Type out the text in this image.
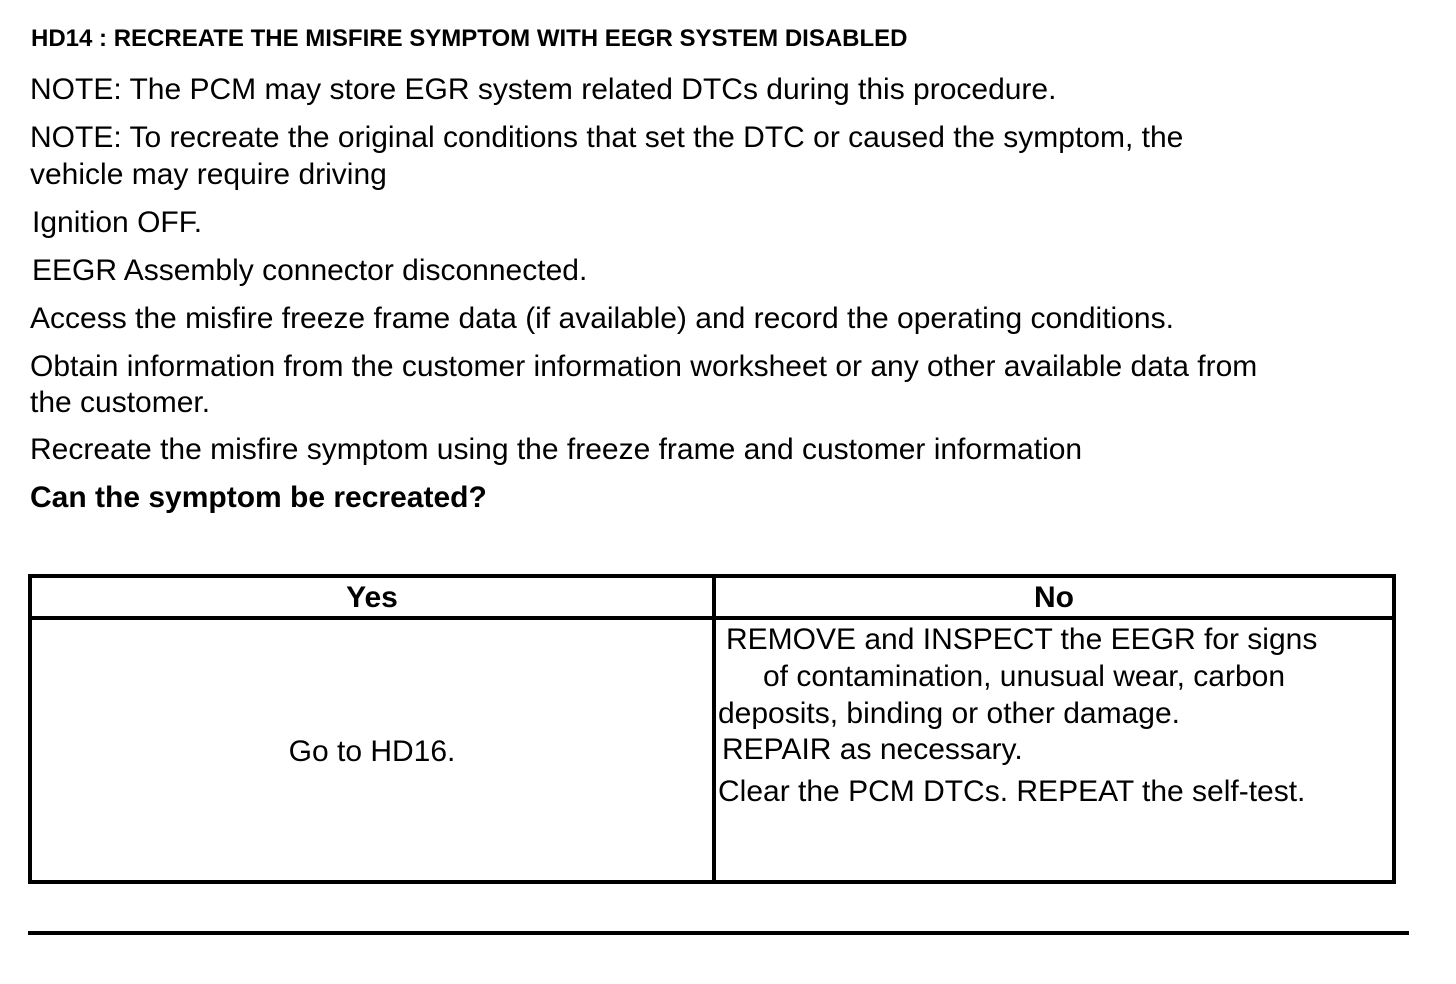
HD14 : RECREATE THE MISFIRE SYMPTOM WITH EEGR SYSTEM DISABLED
NOTE: The PCM may store EGR system related DTCs during this procedure.
NOTE: To recreate the original conditions that set the DTC or caused the symptom, the
vehicle may require driving
Ignition OFF.
EEGR Assembly connector disconnected.
Access the misfire freeze frame data (if available) and record the operating conditions.
Obtain information from the customer information worksheet or any other available data from
the customer.
Recreate the misfire symptom using the freeze frame and customer information
Can the symptom be recreated?
Yes	No
Go to HD16.
REMOVE and INSPECT the EEGR for signs
of contamination, unusual wear, carbon
deposits, binding or other damage.
REPAIR as necessary.
Clear the PCM DTCs. REPEAT the self-test.
